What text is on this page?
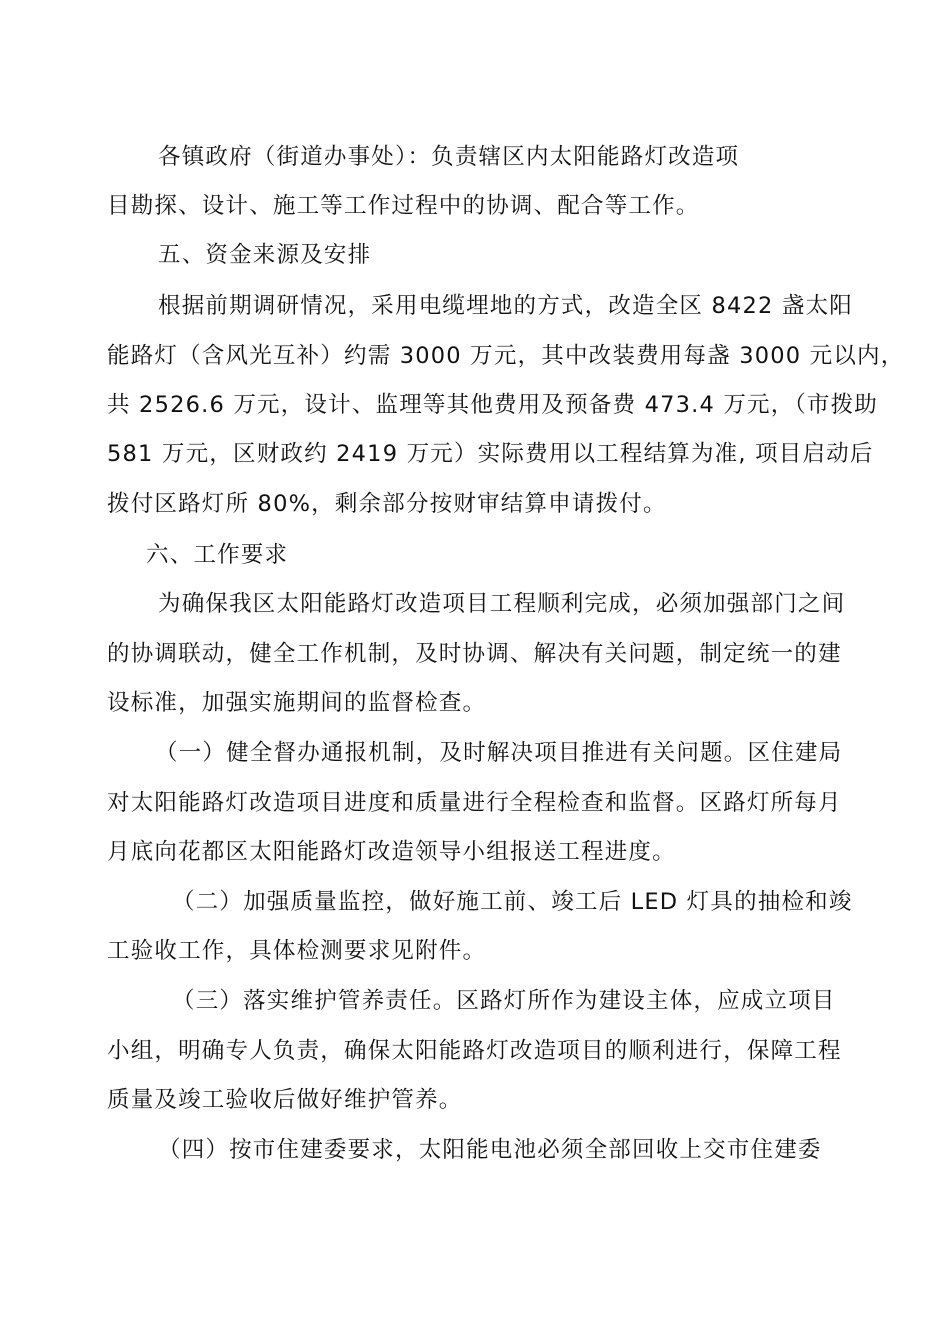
各镇政府（街道办事处）：负责辖区内太阳能路灯改造项
目勘探、设计、施工等工作过程中的协调、配合等工作。
五、资金来源及安排
根据前期调研情况，采用电缆埋地的方式，改造全区 8422 盏太阳
能路灯（含风光互补）约需 3000 万元，其中改装费用每盏 3000 元以内，
共 2526.6 万元，设计、监理等其他费用及预备费 473.4 万元，（市拨助
581 万元，区财政约 2419 万元）实际费用以工程结算为准, 项目启动后
拨付区路灯所 80%，剩余部分按财审结算申请拨付。
六、工作要求
为确保我区太阳能路灯改造项目工程顺利完成，必须加强部门之间
的协调联动，健全工作机制，及时协调、解决有关问题，制定统一的建
设标准，加强实施期间的监督检查。
（一）健全督办通报机制，及时解决项目推进有关问题。区住建局
对太阳能路灯改造项目进度和质量进行全程检查和监督。区路灯所每月
月底向花都区太阳能路灯改造领导小组报送工程进度。
（二）加强质量监控，做好施工前、竣工后 LED 灯具的抽检和竣
工验收工作，具体检测要求见附件。
（三）落实维护管养责任。区路灯所作为建设主体，应成立项目
小组，明确专人负责，确保太阳能路灯改造项目的顺利进行，保障工程
质量及竣工验收后做好维护管养。
（四）按市住建委要求，太阳能电池必须全部回收上交市住建委
